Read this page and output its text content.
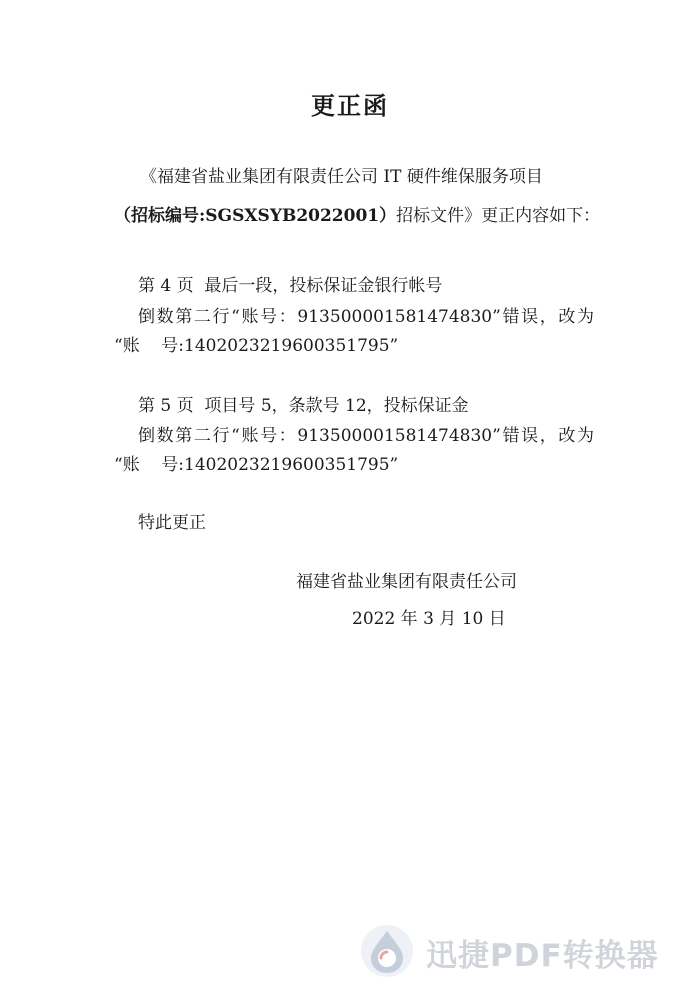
更正函
《福建省盐业集团有限责任公司 IT 硬件维保服务项目
（招标编号:SGSXSYB2022001）招标文件》更正内容如下：
第 4 页  最后一段，投标保证金银行帐号
倒数第二行“账号：913500001581474830”错误，改为
“账    号:1402023219600351795”
第 5 页  项目号 5，条款号 12，投标保证金
倒数第二行“账号：913500001581474830”错误，改为
“账    号:1402023219600351795”
特此更正
福建省盐业集团有限责任公司
2022 年 3 月 10 日
迅捷PDF转换器
